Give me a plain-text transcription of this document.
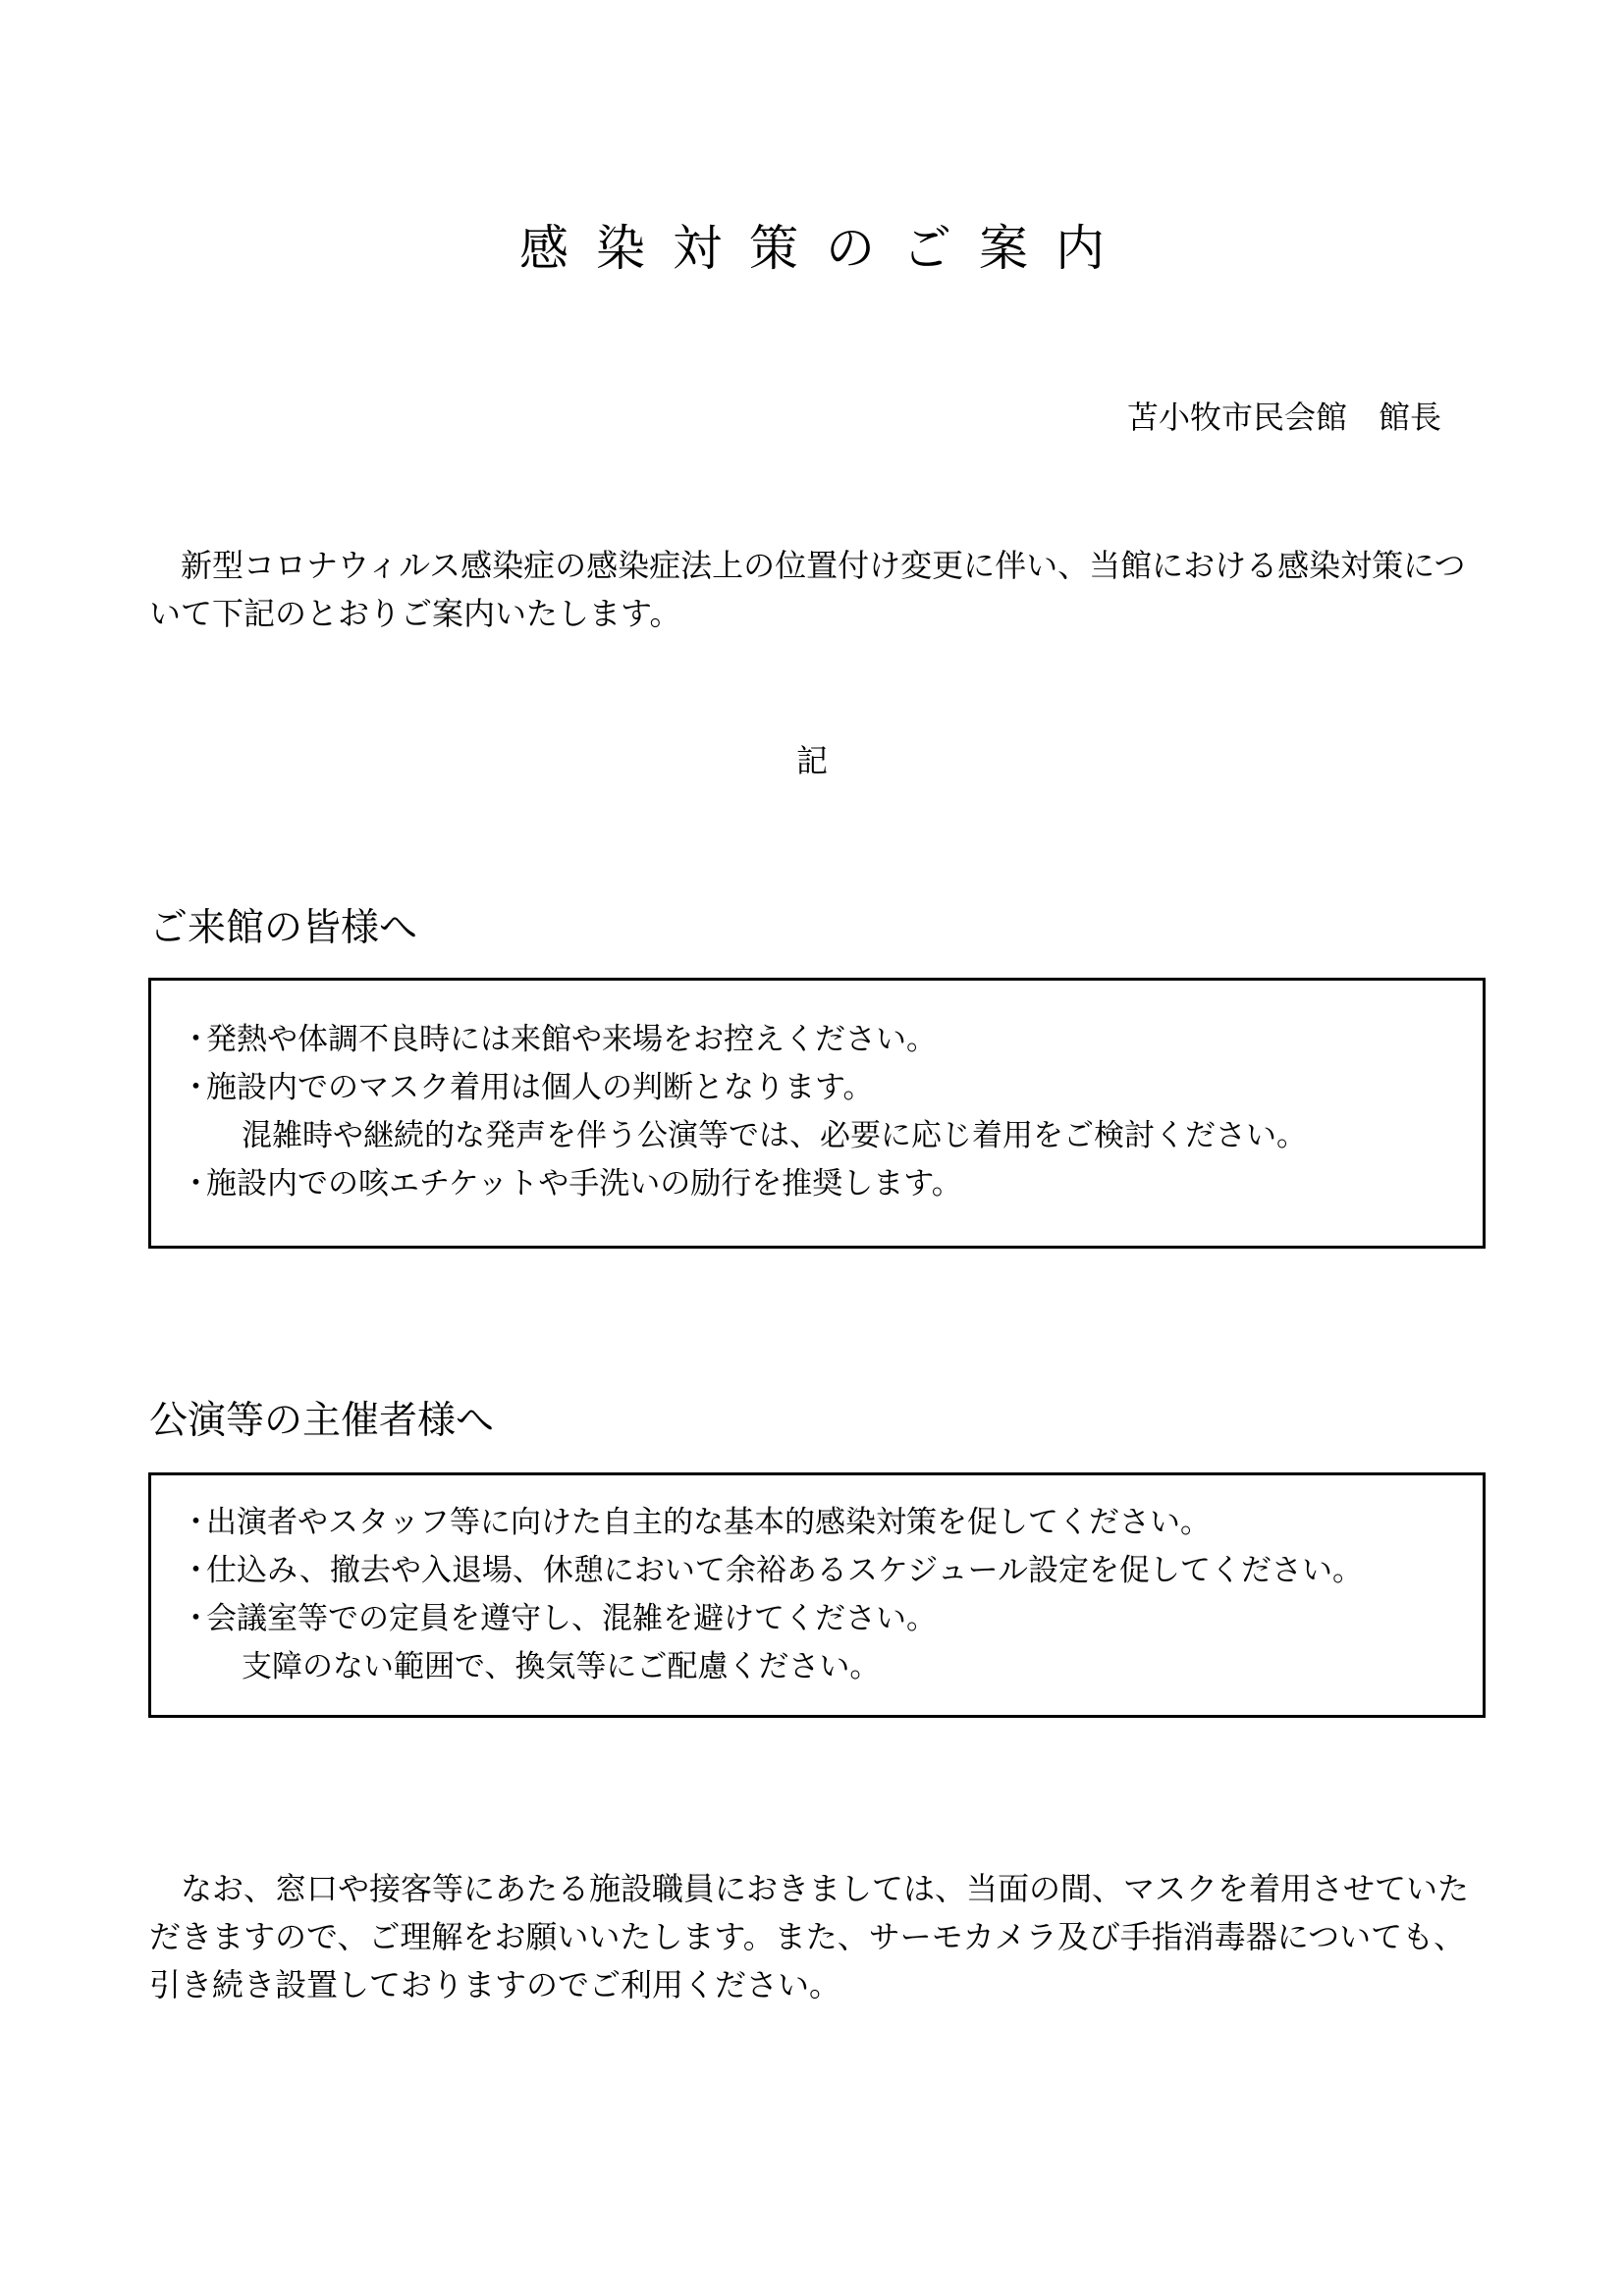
感染対策のご案内
苫小牧市民会館　館長
新型コロナウィルス感染症の感染症法上の位置付け変更に伴い、当館における感染対策について下記のとおりご案内いたします。
記
ご来館の皆様へ
・発熱や体調不良時には来館や来場をお控えください。
・施設内でのマスク着用は個人の判断となります。
混雑時や継続的な発声を伴う公演等では、必要に応じ着用をご検討ください。
・施設内での咳エチケットや手洗いの励行を推奨します。
公演等の主催者様へ
・出演者やスタッフ等に向けた自主的な基本的感染対策を促してください。
・仕込み、撤去や入退場、休憩において余裕あるスケジュール設定を促してください。
・会議室等での定員を遵守し、混雑を避けてください。
支障のない範囲で、換気等にご配慮ください。
なお、窓口や接客等にあたる施設職員におきましては、当面の間、マスクを着用させていただきますので、ご理解をお願いいたします。また、サーモカメラ及び手指消毒器についても、引き続き設置しておりますのでご利用ください。
